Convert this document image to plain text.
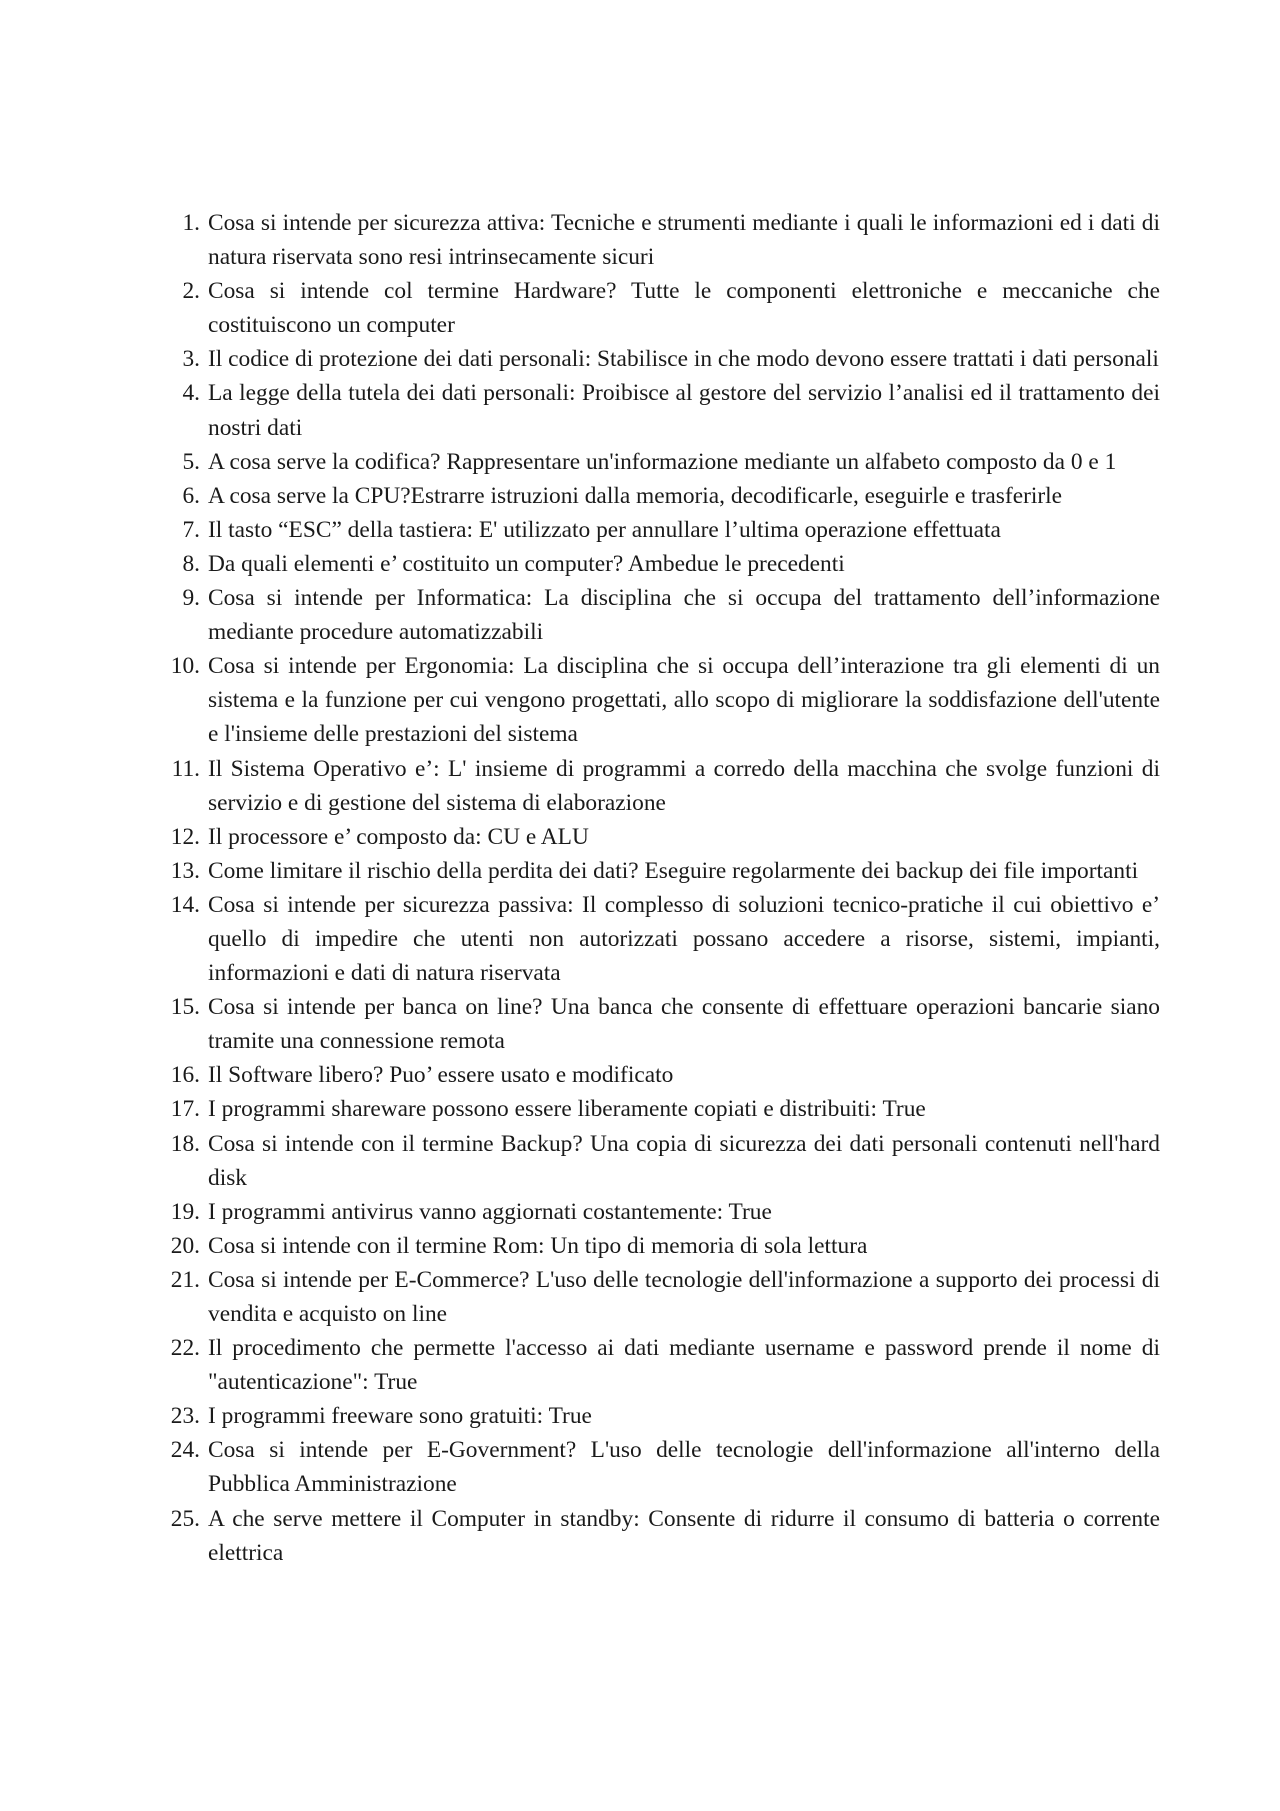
1. Cosa si intende per sicurezza attiva: Tecniche e strumenti mediante i quali le informazioni ed i dati di natura riservata sono resi intrinsecamente sicuri
2. Cosa si intende col termine Hardware? Tutte le componenti elettroniche e meccaniche che costituiscono un computer
3. Il codice di protezione dei dati personali: Stabilisce in che modo devono essere trattati i dati personali
4. La legge della tutela dei dati personali: Proibisce al gestore del servizio l’analisi ed il trattamento dei nostri dati
5. A cosa serve la codifica? Rappresentare un'informazione mediante un alfabeto composto da 0 e 1
6. A cosa serve la CPU?Estrarre istruzioni dalla memoria, decodificarle, eseguirle e trasferirle
7. Il tasto “ESC” della tastiera: E' utilizzato per annullare l’ultima operazione effettuata
8. Da quali elementi e’ costituito un computer? Ambedue le precedenti
9. Cosa si intende per Informatica: La disciplina che si occupa del trattamento dell’informazione mediante procedure automatizzabili
10. Cosa si intende per Ergonomia: La disciplina che si occupa dell’interazione tra gli elementi di un sistema e la funzione per cui vengono progettati, allo scopo di migliorare la soddisfazione dell'utente e l'insieme delle prestazioni del sistema
11. Il Sistema Operativo e’: L' insieme di programmi a corredo della macchina che svolge funzioni di servizio e di gestione del sistema di elaborazione
12. Il processore e’ composto da: CU e ALU
13. Come limitare il rischio della perdita dei dati? Eseguire regolarmente dei backup dei file importanti
14. Cosa si intende per sicurezza passiva: Il complesso di soluzioni tecnico-pratiche il cui obiettivo e’ quello di impedire che utenti non autorizzati possano accedere a risorse, sistemi, impianti, informazioni e dati di natura riservata
15. Cosa si intende per banca on line? Una banca che consente di effettuare operazioni bancarie siano tramite una connessione remota
16. Il Software libero? Puo’ essere usato e modificato
17. I programmi shareware possono essere liberamente copiati e distribuiti: True
18. Cosa si intende con il termine Backup? Una copia di sicurezza dei dati personali contenuti nell'hard disk
19. I programmi antivirus vanno aggiornati costantemente: True
20. Cosa si intende con il termine Rom: Un tipo di memoria di sola lettura
21. Cosa si intende per E-Commerce? L'uso delle tecnologie dell'informazione a supporto dei processi di vendita e acquisto on line
22. Il procedimento che permette l'accesso ai dati mediante username e password prende il nome di "autenticazione": True
23. I programmi freeware sono gratuiti: True
24. Cosa si intende per E-Government? L'uso delle tecnologie dell'informazione all'interno della Pubblica Amministrazione
25. A che serve mettere il Computer in standby: Consente di ridurre il consumo di batteria o corrente elettrica
